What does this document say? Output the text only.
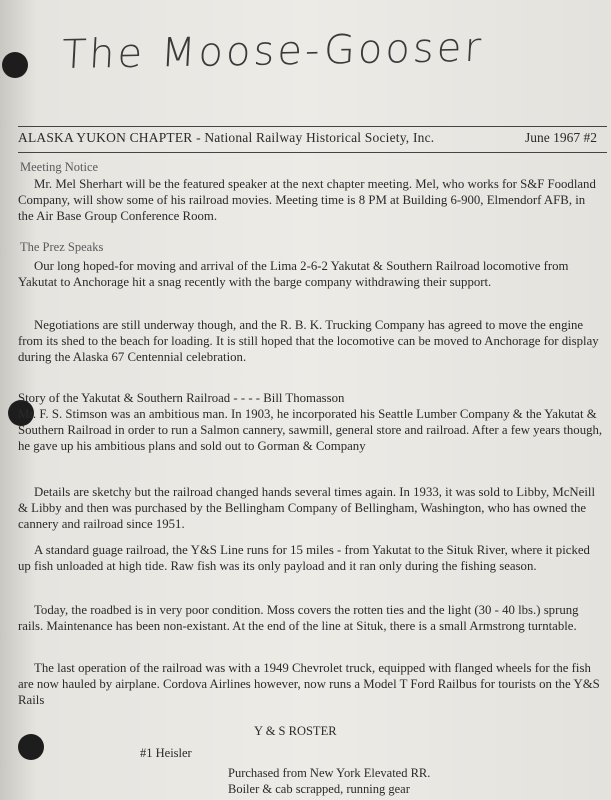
The Moose-Gooser
ALASKA YUKON CHAPTER - National Railway Historical Society, Inc.	June 1967 #2
Meeting Notice
Mr. Mel Sherhart will be the featured speaker at the next chapter meeting. Mel, who works for S&F Foodland Company, will show some of his railroad movies. Meeting time is 8 PM at Building 6-900, Elmendorf AFB, in the Air Base Group Conference Room.
The Prez Speaks
Our long hoped-for moving and arrival of the Lima 2-6-2 Yakutat & Southern Railroad locomotive from Yakutat to Anchorage hit a snag recently with the barge company withdrawing their support.
Negotiations are still underway though, and the R. B. K. Trucking Company has agreed to move the engine from its shed to the beach for loading. It is still hoped that the locomotive can be moved to Anchorage for display during the Alaska 67 Centennial celebration.
Story of the Yakutat & Southern Railroad - - - - Bill Thomasson
Mr. F. S. Stimson was an ambitious man. In 1903, he incorporated his Seattle Lumber Company & the Yakutat & Southern Railroad in order to run a Salmon cannery, sawmill, general store and railroad. After a few years though, he gave up his ambitious plans and sold out to Gorman & Company
Details are sketchy but the railroad changed hands several times again. In 1933, it was sold to Libby, McNeill & Libby and then was purchased by the Bellingham Company of Bellingham, Washington, who has owned the cannery and railroad since 1951.
A standard guage railroad, the Y&S Line runs for 15 miles - from Yakutat to the Situk River, where it picked up fish unloaded at high tide. Raw fish was its only payload and it ran only during the fishing season.
Today, the roadbed is in very poor condition. Moss covers the rotten ties and the light (30 - 40 lbs.) sprung rails. Maintenance has been non-existant. At the end of the line at Situk, there is a small Armstrong turntable.
The last operation of the railroad was with a 1949 Chevrolet truck, equipped with flanged wheels for the fish are now hauled by airplane. Cordova Airlines however, now runs a Model T Ford Railbus for tourists on the Y&S Rails
Y & S ROSTER
#1 Heisler
Purchased from New York Elevated RR.
Boiler & cab scrapped, running gear
